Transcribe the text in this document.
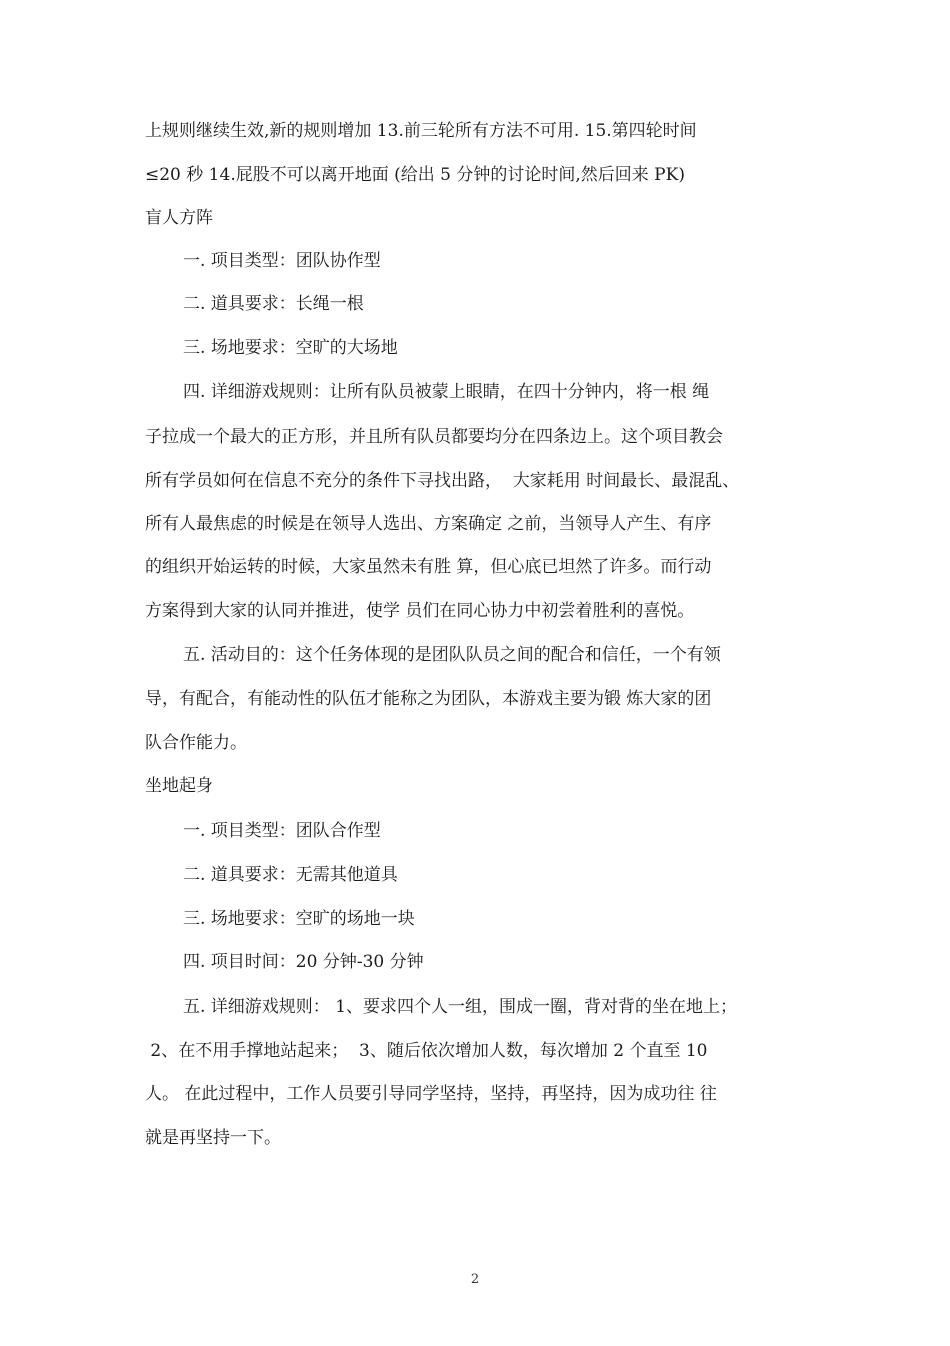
上规则继续生效,新的规则增加 13.前三轮所有方法不可用. 15.第四轮时间
≤20 秒 14.屁股不可以离开地面 (给出 5 分钟的讨论时间,然后回来 PK)
盲人方阵
一. 项目类型：团队协作型
二. 道具要求：长绳一根
三. 场地要求：空旷的大场地
四. 详细游戏规则：让所有队员被蒙上眼睛，在四十分钟内，将一根 绳
子拉成一个最大的正方形，并且所有队员都要均分在四条边上。这个项目教会
所有学员如何在信息不充分的条件下寻找出路，  大家耗用 时间最长、最混乱、
所有人最焦虑的时候是在领导人选出、方案确定 之前，当领导人产生、有序
的组织开始运转的时候，大家虽然未有胜 算，但心底已坦然了许多。而行动
方案得到大家的认同并推进，使学 员们在同心协力中初尝着胜利的喜悦。
五. 活动目的：这个任务体现的是团队队员之间的配合和信任，一个有领
导，有配合，有能动性的队伍才能称之为团队，本游戏主要为锻 炼大家的团
队合作能力。
坐地起身
一. 项目类型：团队合作型
二. 道具要求：无需其他道具
三. 场地要求：空旷的场地一块
四. 项目时间：20 分钟-30 分钟
五. 详细游戏规则： 1、要求四个人一组，围成一圈，背对背的坐在地上；
2、在不用手撑地站起来；  3、随后依次增加人数，每次增加 2 个直至 10
人。 在此过程中，工作人员要引导同学坚持，坚持，再坚持，因为成功往 往
就是再坚持一下。
2
